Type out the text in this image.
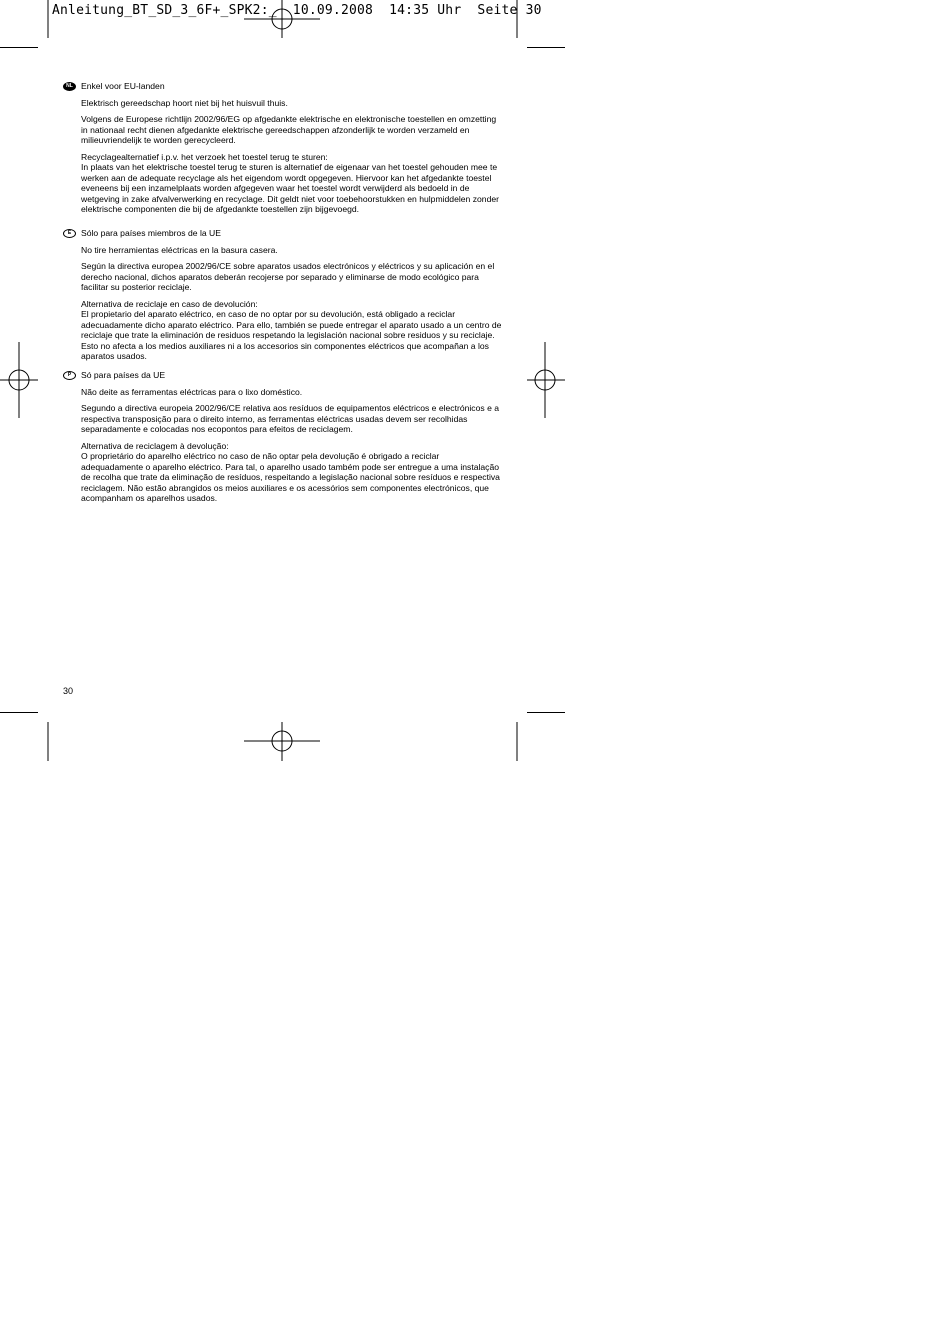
Anleitung_BT_SD_3_6F+_SPK2:_  10.09.2008  14:35 Uhr  Seite 30
NL Enkel voor EU-landen

Elektrisch gereedschap hoort niet bij het huisvuil thuis.

Volgens de Europese richtlijn 2002/96/EG op afgedankte elektrische en elektronische toestellen en omzetting in nationaal recht dienen afgedankte elektrische gereedschappen afzonderlijk te worden verzameld en milieuvriendelijk te worden gerecycleerd.

Recyclagealternatief i.p.v. het verzoek het toestel terug te sturen:
In plaats van het elektrische toestel terug te sturen is alternatief de eigenaar van het toestel gehouden mee te werken aan de adequate recyclage als het eigendom wordt opgegeven. Hiervoor kan het afgedankte toestel eveneens bij een inzamelplaats worden afgegeven waar het toestel wordt verwijderd als bedoeld in de wetgeving in zake afvalverwerking en recyclage. Dit geldt niet voor toebehoorstukken en hulpmiddelen zonder elektrische componenten die bij de afgedankte toestellen zijn bijgevoegd.

E	Sólo para países miembros de la UE

No tire herramientas eléctricas en la basura casera.

Según la directiva europea 2002/96/CE sobre aparatos usados electrónicos y eléctricos y su aplicación en el derecho nacional, dichos aparatos deberán recojerse por separado y eliminarse de modo ecológico para facilitar su posterior reciclaje.

Alternativa de reciclaje en caso de devolución:
El propietario del aparato eléctrico, en caso de no optar por su devolución, está obligado a reciclar adecuadamente dicho aparato eléctrico. Para ello, también se puede entregar el aparato usado a un centro de reciclaje que trate la eliminación de residuos respetando la legislación nacional sobre residuos y su reciclaje. Esto no afecta a los medios auxiliares ni a los accesorios sin componentes eléctricos que acompañan a los aparatos usados.

P	Só para países da UE

Não deite as ferramentas eléctricas para o lixo doméstico.

Segundo a directiva europeia 2002/96/CE relativa aos resíduos de equipamentos eléctricos e electrónicos e a respectiva transposição para o direito interno, as ferramentas eléctricas usadas devem ser recolhidas separadamente e colocadas nos ecopontos para efeitos de reciclagem.

Alternativa de reciclagem à devolução:
O proprietário do aparelho eléctrico no caso de não optar pela devolução é obrigado a reciclar adequadamente o aparelho eléctrico. Para tal, o aparelho usado também pode ser entregue a uma instalação de recolha que trate da eliminação de resíduos, respeitando a legislação nacional sobre resíduos e respectiva reciclagem. Não estão abrangidos os meios auxiliares e os acessórios sem componentes electrónicos, que acompanham os aparelhos usados.

30
